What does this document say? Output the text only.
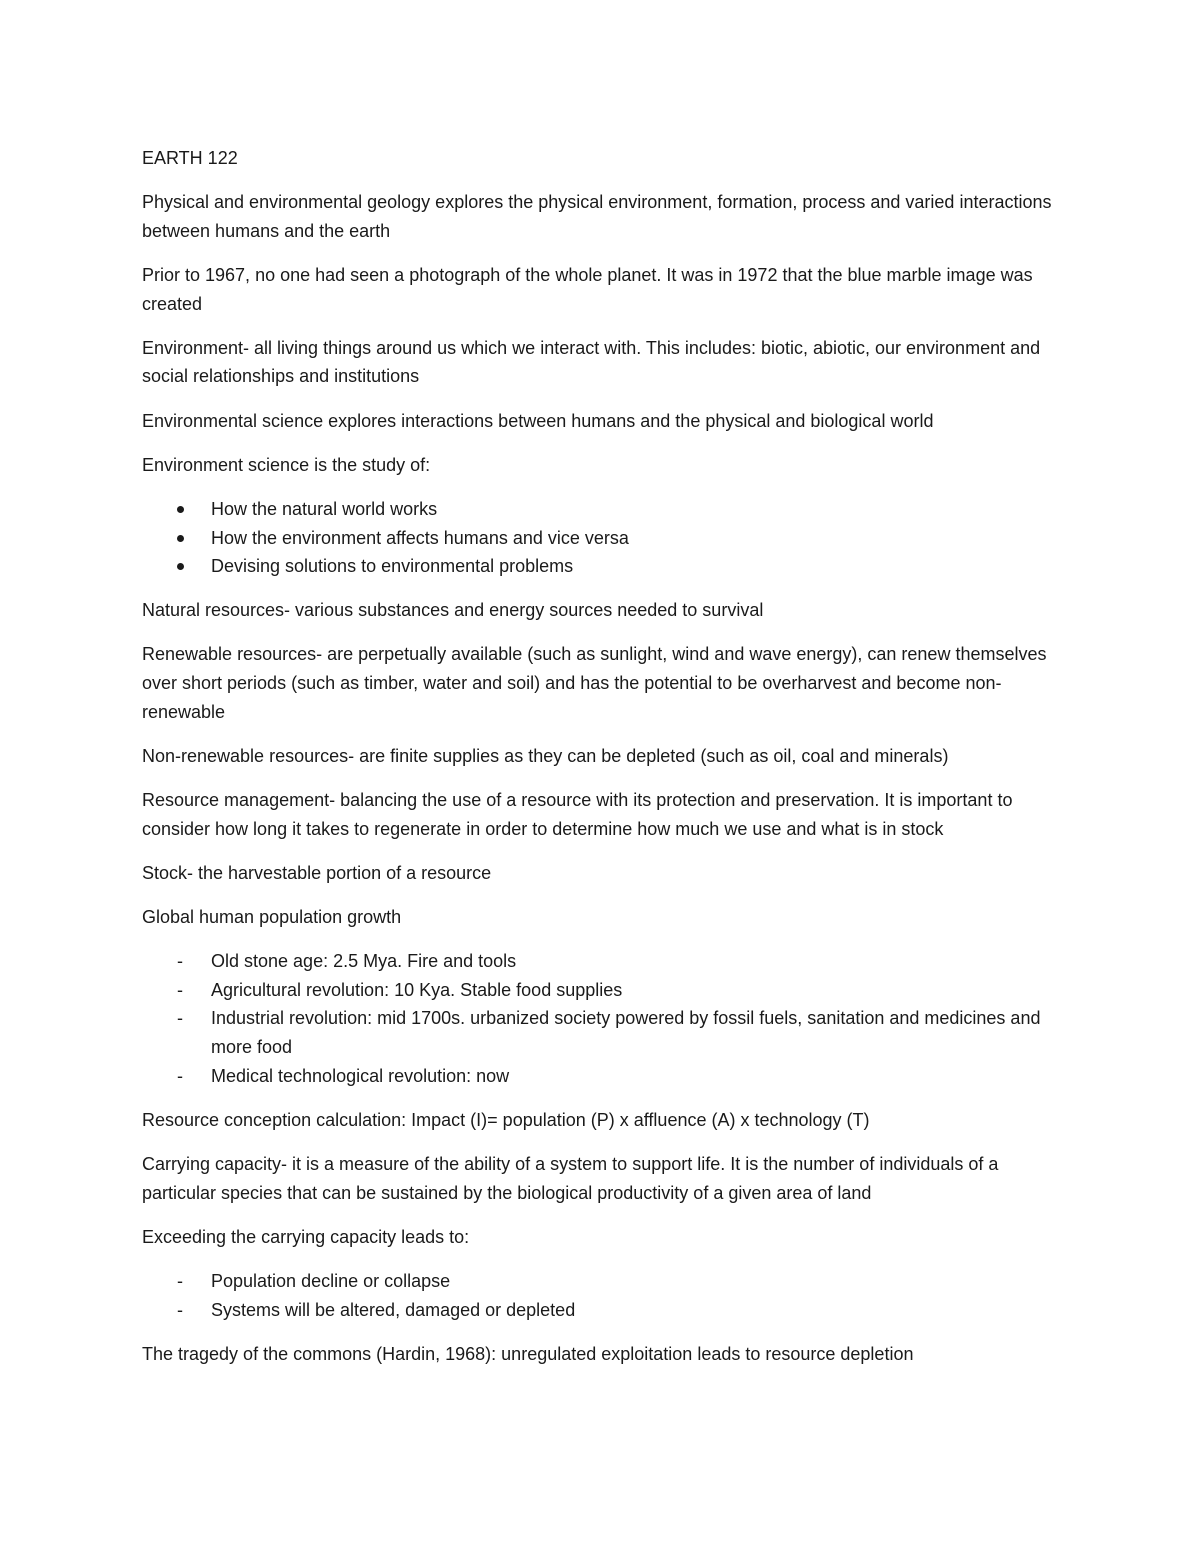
EARTH 122

Physical and environmental geology explores the physical environment, formation, process and varied interactions between humans and the earth

Prior to 1967, no one had seen a photograph of the whole planet. It was in 1972 that the blue marble image was created

Environment- all living things around us which we interact with. This includes: biotic, abiotic, our environment and social relationships and institutions

Environmental science explores interactions between humans and the physical and biological world

Environment science is the study of:

How the natural world works
How the environment affects humans and vice versa
Devising solutions to environmental problems

Natural resources- various substances and energy sources needed to survival

Renewable resources- are perpetually available (such as sunlight, wind and wave energy), can renew themselves over short periods (such as timber, water and soil) and has the potential to be overharvest and become non-renewable

Non-renewable resources- are finite supplies as they can be depleted (such as oil, coal and minerals)

Resource management- balancing the use of a resource with its protection and preservation. It is important to consider how long it takes to regenerate in order to determine how much we use and what is in stock

Stock- the harvestable portion of a resource

Global human population growth

Old stone age: 2.5 Mya. Fire and tools
Agricultural revolution: 10 Kya. Stable food supplies
Industrial revolution: mid 1700s. urbanized society powered by fossil fuels, sanitation and medicines and more food
Medical technological revolution: now

Resource conception calculation: Impact (I)= population (P) x affluence (A) x technology (T)

Carrying capacity- it is a measure of the ability of a system to support life. It is the number of individuals of a particular species that can be sustained by the biological productivity of a given area of land

Exceeding the carrying capacity leads to:

Population decline or collapse
Systems will be altered, damaged or depleted

The tragedy of the commons (Hardin, 1968): unregulated exploitation leads to resource depletion
